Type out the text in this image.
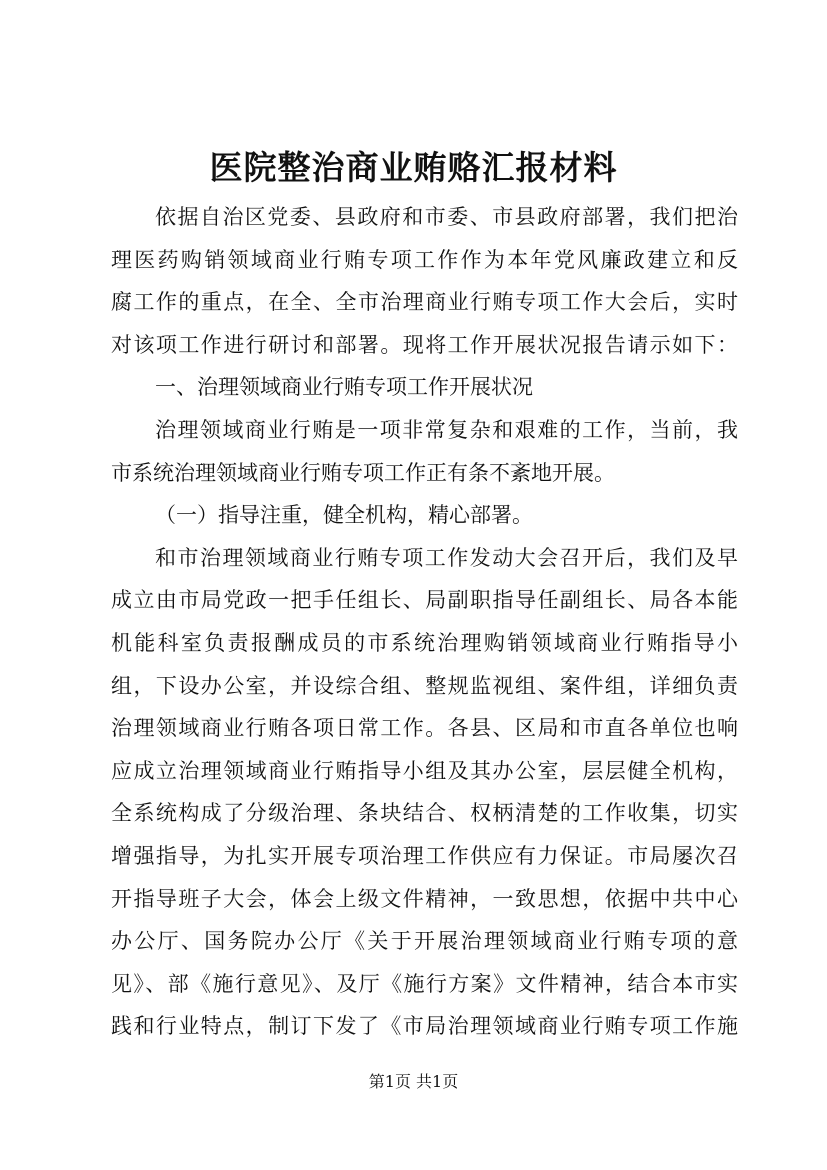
医院整治商业贿赂汇报材料
依据自治区党委、县政府和市委、市县政府部署，我们把治
理医药购销领域商业行贿专项工作作为本年党风廉政建立和反
腐工作的重点，在全、全市治理商业行贿专项工作大会后，实时
对该项工作进行研讨和部署。现将工作开展状况报告请示如下：
一、治理领域商业行贿专项工作开展状况
治理领域商业行贿是一项非常复杂和艰难的工作，当前，我
市系统治理领域商业行贿专项工作正有条不紊地开展。
（一）指导注重，健全机构，精心部署。
和市治理领域商业行贿专项工作发动大会召开后，我们及早
成立由市局党政一把手任组长、局副职指导任副组长、局各本能
机能科室负责报酬成员的市系统治理购销领域商业行贿指导小
组，下设办公室，并设综合组、整规监视组、案件组，详细负责
治理领域商业行贿各项日常工作。各县、区局和市直各单位也响
应成立治理领域商业行贿指导小组及其办公室，层层健全机构，
全系统构成了分级治理、条块结合、权柄清楚的工作收集，切实
增强指导，为扎实开展专项治理工作供应有力保证。市局屡次召
开指导班子大会，体会上级文件精神，一致思想，依据中共中心
办公厅、国务院办公厅《关于开展治理领域商业行贿专项的意
见》、部《施行意见》、及厅《施行方案》文件精神，结合本市实
践和行业特点，制订下发了《市局治理领域商业行贿专项工作施
第1页 共1页
